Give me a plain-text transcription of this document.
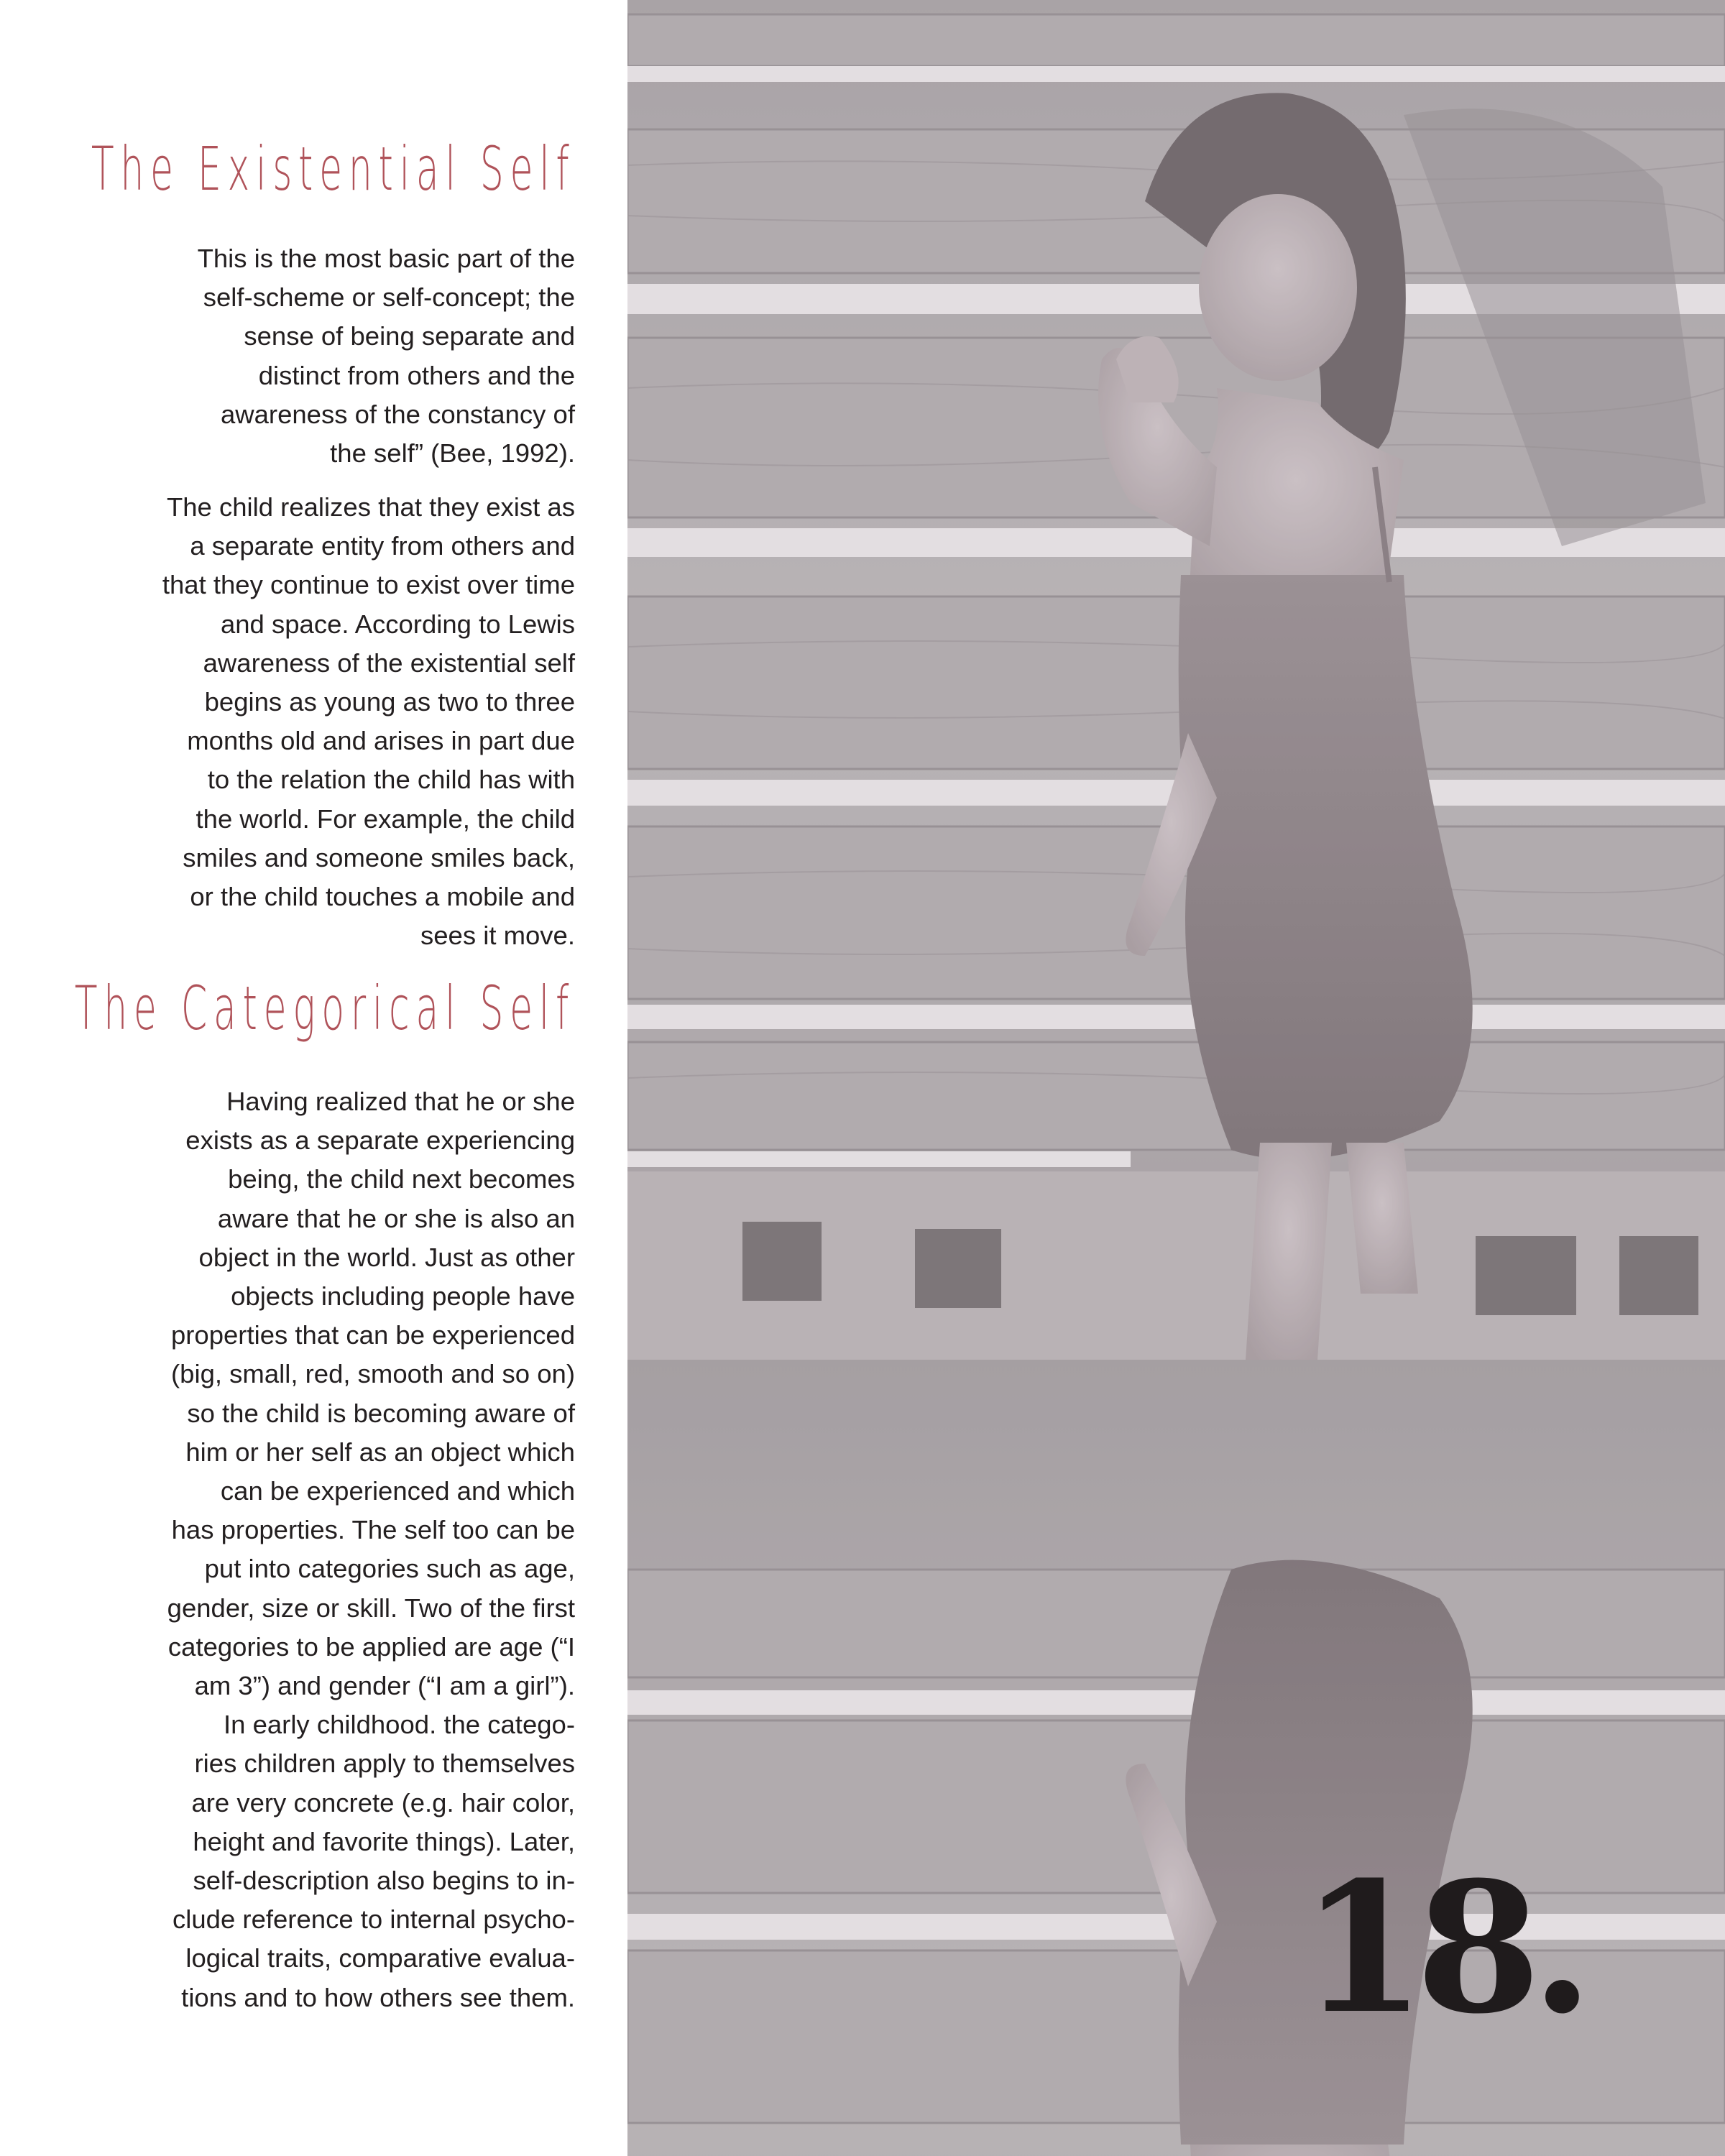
The Existential Self

This is the most basic part of the
self-scheme or self-concept; the
sense of being separate and
distinct from others and the
awareness of the constancy of
the self” (Bee, 1992).

The child realizes that they exist as
a separate entity from others and
that they continue to exist over time
and space. According to Lewis
awareness of the existential self
begins as young as two to three
months old and arises in part due
to the relation the child has with
the world. For example, the child
smiles and someone smiles back,
or the child touches a mobile and
sees it move.

The Categorical Self

Having realized that he or she
exists as a separate experiencing
being, the child next becomes
aware that he or she is also an
object in the world. Just as other
objects including people have
properties that can be experienced
(big, small, red, smooth and so on)
so the child is becoming aware of
him or her self as an object which
can be experienced and which
has properties. The self too can be
put into categories such as age,
gender, size or skill. Two of the first
categories to be applied are age (“I
am 3”) and gender (“I am a girl”).
In early childhood. the catego-
ries children apply to themselves
are very concrete (e.g. hair color,
height and favorite things). Later,
self-description also begins to in-
clude reference to internal psycho-
logical traits, comparative evalua-
tions and to how others see them.	18.
